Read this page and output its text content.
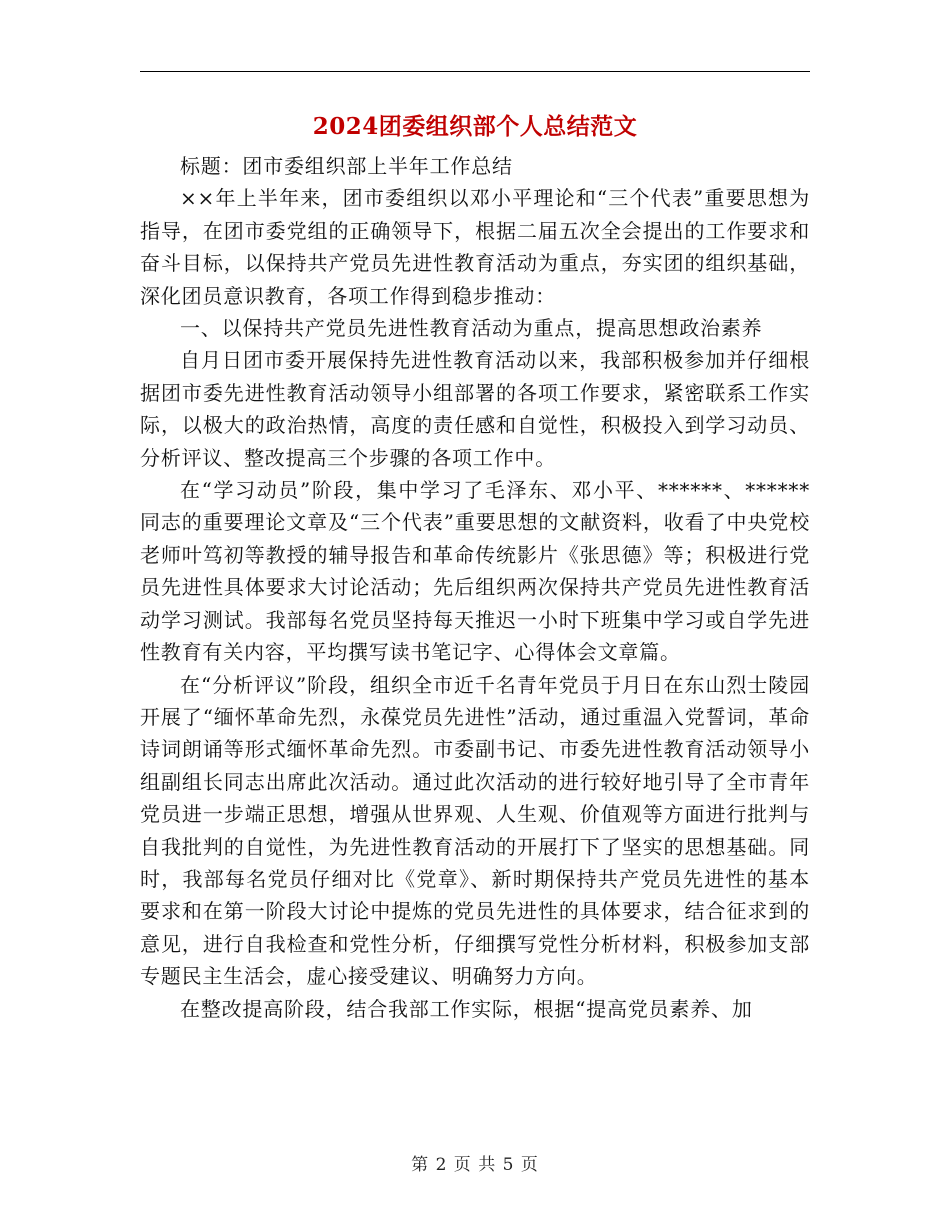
2024团委组织部个人总结范文

标题：团市委组织部上半年工作总结

××年上半年来，团市委组织以邓小平理论和“三个代表”重要思想为指导，在团市委党组的正确领导下，根据二届五次全会提出的工作要求和奋斗目标，以保持共产党员先进性教育活动为重点，夯实团的组织基础，深化团员意识教育，各项工作得到稳步推动：

一、以保持共产党员先进性教育活动为重点，提高思想政治素养

自月日团市委开展保持先进性教育活动以来，我部积极参加并仔细根据团市委先进性教育活动领导小组部署的各项工作要求，紧密联系工作实际，以极大的政治热情，高度的责任感和自觉性，积极投入到学习动员、分析评议、整改提高三个步骤的各项工作中。

在“学习动员”阶段，集中学习了毛泽东、邓小平、******、******同志的重要理论文章及“三个代表”重要思想的文献资料，收看了中央党校老师叶笃初等教授的辅导报告和革命传统影片《张思德》等；积极进行党员先进性具体要求大讨论活动；先后组织两次保持共产党员先进性教育活动学习测试。我部每名党员坚持每天推迟一小时下班集中学习或自学先进性教育有关内容，平均撰写读书笔记字、心得体会文章篇。

在“分析评议”阶段，组织全市近千名青年党员于月日在东山烈士陵园开展了“缅怀革命先烈，永葆党员先进性”活动，通过重温入党誓词，革命诗词朗诵等形式缅怀革命先烈。市委副书记、市委先进性教育活动领导小组副组长同志出席此次活动。通过此次活动的进行较好地引导了全市青年党员进一步端正思想，增强从世界观、人生观、价值观等方面进行批判与自我批判的自觉性，为先进性教育活动的开展打下了坚实的思想基础。同时，我部每名党员仔细对比《党章》、新时期保持共产党员先进性的基本要求和在第一阶段大讨论中提炼的党员先进性的具体要求，结合征求到的意见，进行自我检查和党性分析，仔细撰写党性分析材料，积极参加支部专题民主生活会，虚心接受建议、明确努力方向。

在整改提高阶段，结合我部工作实际，根据“提高党员素养、加

第 2 页 共 5 页
